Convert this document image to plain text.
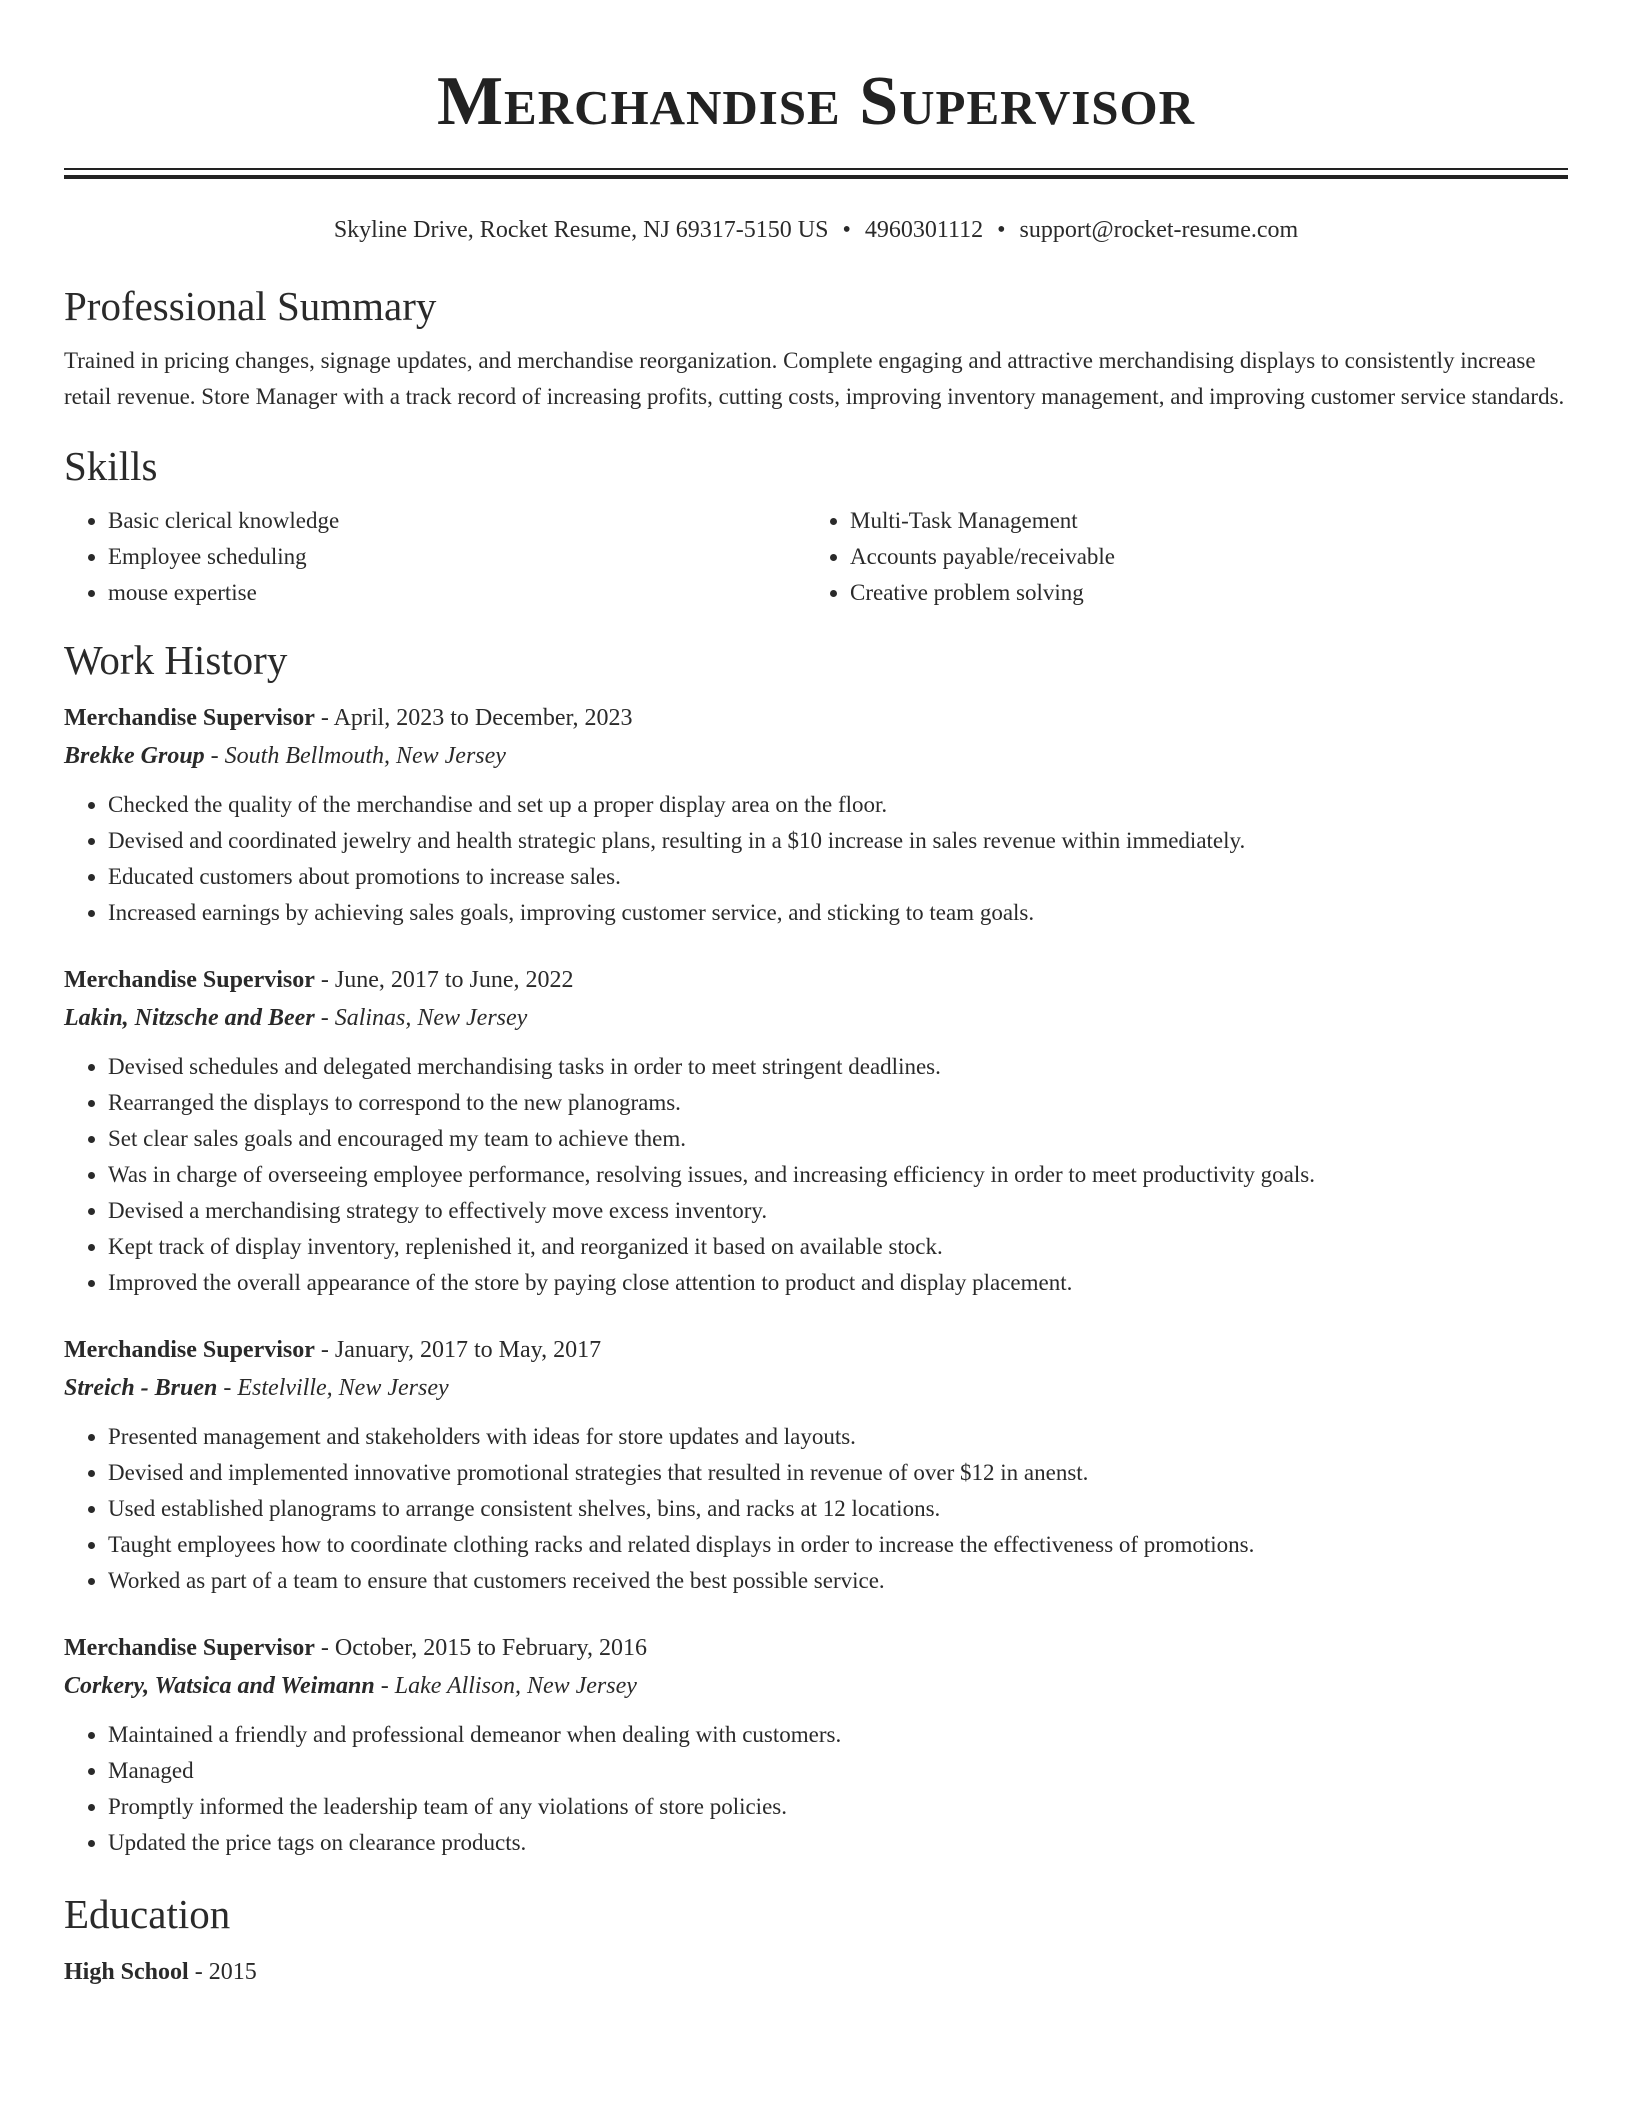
Merchandise Supervisor
Skyline Drive, Rocket Resume, NJ 69317-5150 US • 4960301112 • support@rocket-resume.com
Professional Summary
Trained in pricing changes, signage updates, and merchandise reorganization. Complete engaging and attractive merchandising displays to consistently increase retail revenue. Store Manager with a track record of increasing profits, cutting costs, improving inventory management, and improving customer service standards.
Skills
• Basic clerical knowledge
• Employee scheduling
• mouse expertise
• Multi-Task Management
• Accounts payable/receivable
• Creative problem solving
Work History
Merchandise Supervisor - April, 2023 to December, 2023
Brekke Group - South Bellmouth, New Jersey
• Checked the quality of the merchandise and set up a proper display area on the floor.
• Devised and coordinated jewelry and health strategic plans, resulting in a $10 increase in sales revenue within immediately.
• Educated customers about promotions to increase sales.
• Increased earnings by achieving sales goals, improving customer service, and sticking to team goals.
Merchandise Supervisor - June, 2017 to June, 2022
Lakin, Nitzsche and Beer - Salinas, New Jersey
• Devised schedules and delegated merchandising tasks in order to meet stringent deadlines.
• Rearranged the displays to correspond to the new planograms.
• Set clear sales goals and encouraged my team to achieve them.
• Was in charge of overseeing employee performance, resolving issues, and increasing efficiency in order to meet productivity goals.
• Devised a merchandising strategy to effectively move excess inventory.
• Kept track of display inventory, replenished it, and reorganized it based on available stock.
• Improved the overall appearance of the store by paying close attention to product and display placement.
Merchandise Supervisor - January, 2017 to May, 2017
Streich - Bruen - Estelville, New Jersey
• Presented management and stakeholders with ideas for store updates and layouts.
• Devised and implemented innovative promotional strategies that resulted in revenue of over $12 in anenst.
• Used established planograms to arrange consistent shelves, bins, and racks at 12 locations.
• Taught employees how to coordinate clothing racks and related displays in order to increase the effectiveness of promotions.
• Worked as part of a team to ensure that customers received the best possible service.
Merchandise Supervisor - October, 2015 to February, 2016
Corkery, Watsica and Weimann - Lake Allison, New Jersey
• Maintained a friendly and professional demeanor when dealing with customers.
• Managed
• Promptly informed the leadership team of any violations of store policies.
• Updated the price tags on clearance products.
Education
High School - 2015
